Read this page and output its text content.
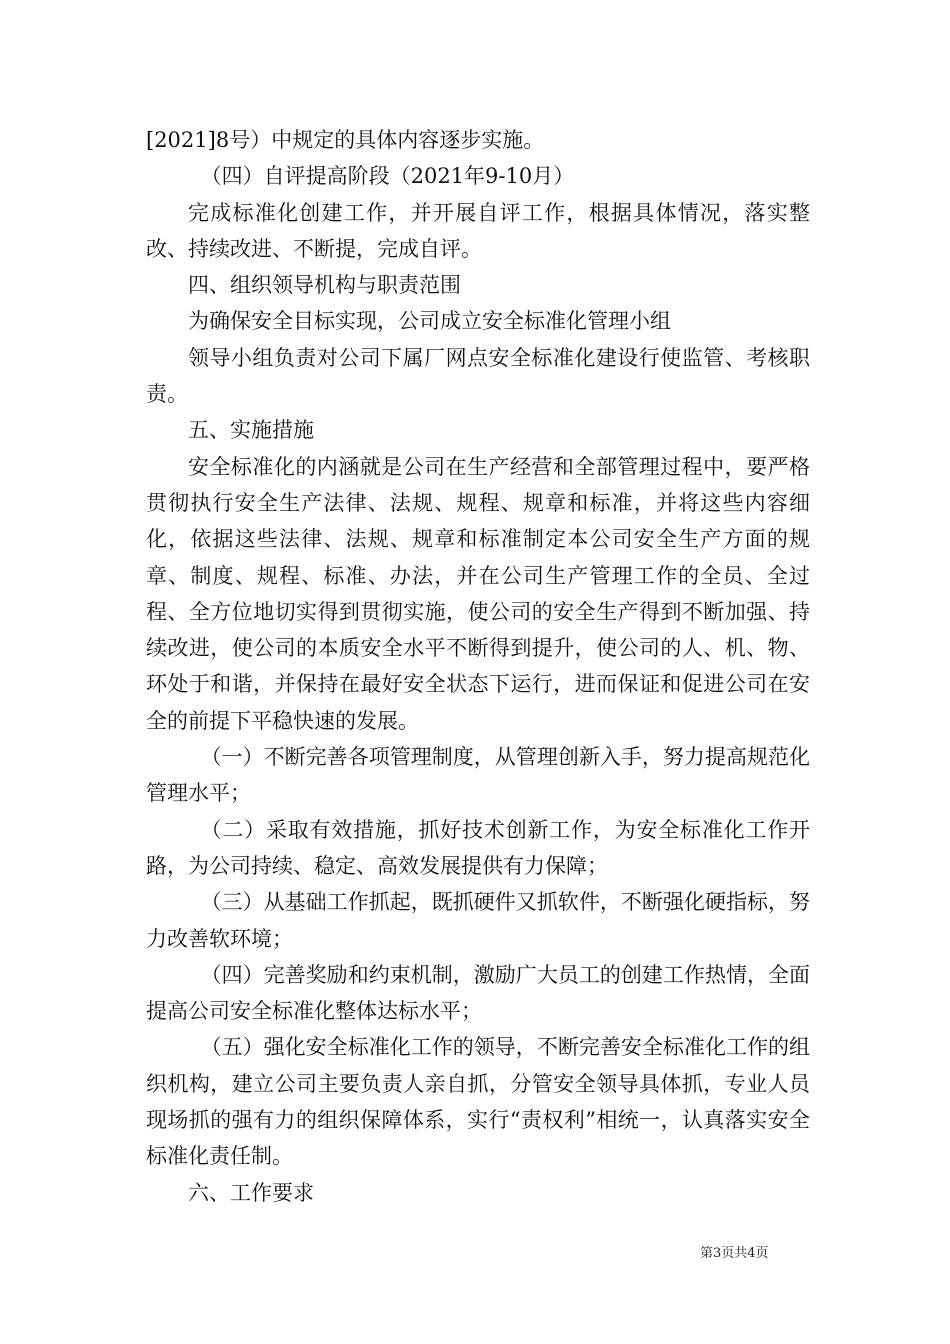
[2021]8号）中规定的具体内容逐步实施。

（四）自评提高阶段（2021年9-10月）

完成标准化创建工作，并开展自评工作，根据具体情况，落实整改、持续改进、不断提，完成自评。

四、组织领导机构与职责范围

为确保安全目标实现，公司成立安全标准化管理小组

领导小组负责对公司下属厂网点安全标准化建设行使监管、考核职责。

五、实施措施

安全标准化的内涵就是公司在生产经营和全部管理过程中，要严格贯彻执行安全生产法律、法规、规程、规章和标准，并将这些内容细化，依据这些法律、法规、规章和标准制定本公司安全生产方面的规章、制度、规程、标准、办法，并在公司生产管理工作的全员、全过程、全方位地切实得到贯彻实施，使公司的安全生产得到不断加强、持续改进，使公司的本质安全水平不断得到提升，使公司的人、机、物、环处于和谐，并保持在最好安全状态下运行，进而保证和促进公司在安全的前提下平稳快速的发展。

（一）不断完善各项管理制度，从管理创新入手，努力提高规范化管理水平；

（二）采取有效措施，抓好技术创新工作，为安全标准化工作开路，为公司持续、稳定、高效发展提供有力保障；

（三）从基础工作抓起，既抓硬件又抓软件，不断强化硬指标，努力改善软环境；

（四）完善奖励和约束机制，激励广大员工的创建工作热情，全面提高公司安全标准化整体达标水平；

（五）强化安全标准化工作的领导，不断完善安全标准化工作的组织机构，建立公司主要负责人亲自抓，分管安全领导具体抓，专业人员现场抓的强有力的组织保障体系，实行“责权利”相统一，认真落实安全标准化责任制。

六、工作要求

第3页共4页
